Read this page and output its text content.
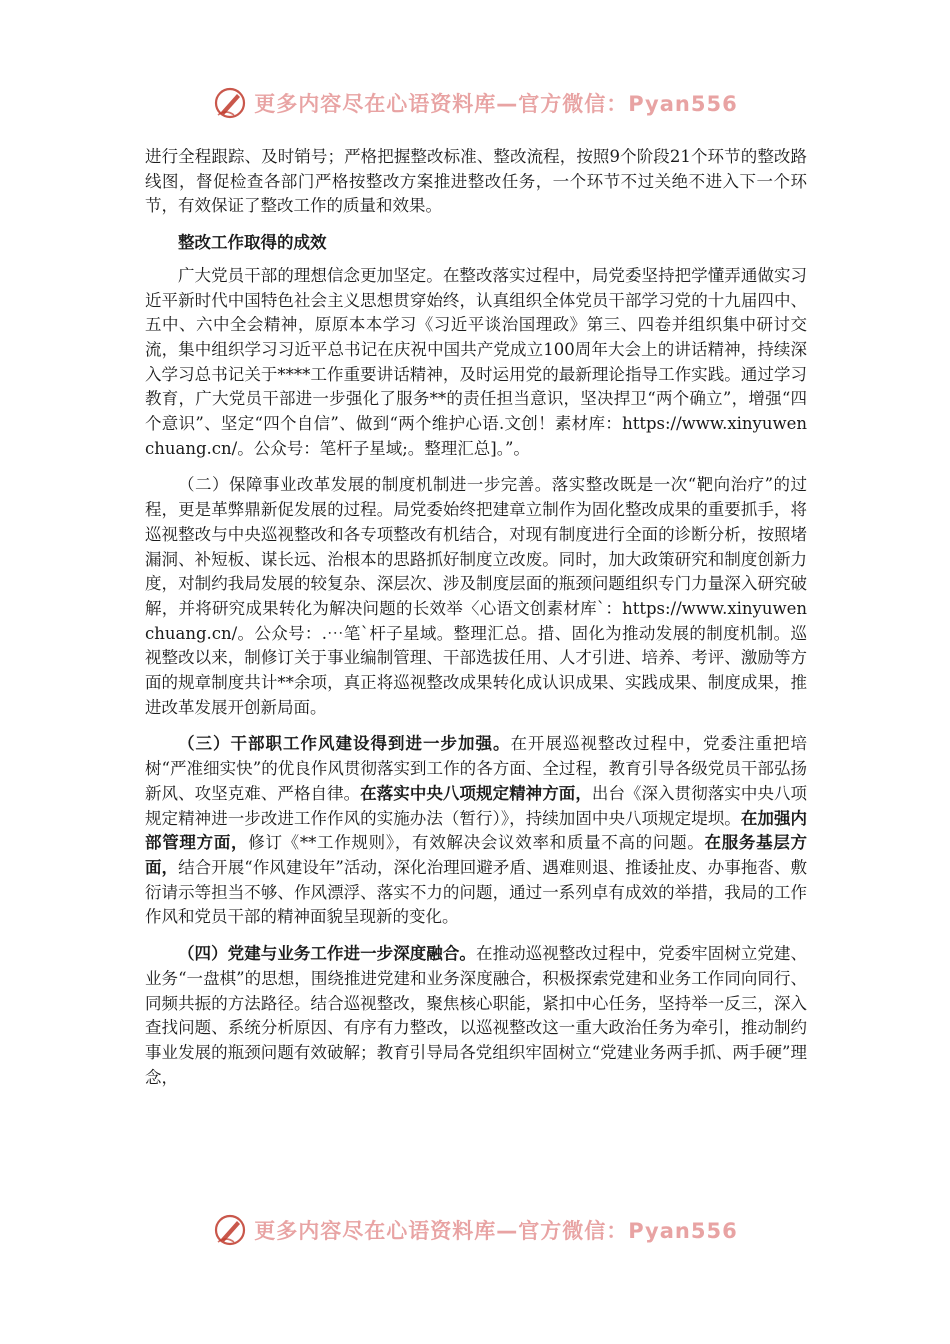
更多内容尽在心语资料库—官方微信：Pyan556

进行全程跟踪、及时销号；严格把握整改标准、整改流程，按照9个阶段21个环节的整改路线图，督促检查各部门严格按整改方案推进整改任务，一个环节不过关绝不进入下一个环节，有效保证了整改工作的质量和效果。

整改工作取得的成效

广大党员干部的理想信念更加坚定。在整改落实过程中，局党委坚持把学懂弄通做实习近平新时代中国特色社会主义思想贯穿始终，认真组织全体党员干部学习党的十九届四中、五中、六中全会精神，原原本本学习《习近平谈治国理政》第三、四卷并组织集中研讨交流，集中组织学习习近平总书记在庆祝中国共产党成立100周年大会上的讲话精神，持续深入学习总书记关于****工作重要讲话精神，及时运用党的最新理论指导工作实践。通过学习教育，广大党员干部进一步强化了服务**的责任担当意识，坚决捍卫“两个确立”，增强“四个意识”、坚定“四个自信”、做到“两个维护心语.文创！素材库：https://www.xinyuwenchuang.cn/。公众号：笔杆子星域;。整理汇总]。”。

（二）保障事业改革发展的制度机制进一步完善。落实整改既是一次“靶向治疗”的过程，更是革弊鼎新促发展的过程。局党委始终把建章立制作为固化整改成果的重要抓手，将巡视整改与中央巡视整改和各专项整改有机结合，对现有制度进行全面的诊断分析，按照堵漏洞、补短板、谋长远、治根本的思路抓好制度立改废。同时，加大政策研究和制度创新力度，对制约我局发展的较复杂、深层次、涉及制度层面的瓶颈问题组织专门力量深入研究破解，并将研究成果转化为解决问题的长效举〈心语文创素材库`：https://www.xinyuwenchuang.cn/。公众号：.⋯笔`杆子星域。整理汇总。措、固化为推动发展的制度机制。巡视整改以来，制修订关于事业编制管理、干部选拔任用、人才引进、培养、考评、激励等方面的规章制度共计**余项，真正将巡视整改成果转化成认识成果、实践成果、制度成果，推进改革发展开创新局面。

（三）干部职工作风建设得到进一步加强。在开展巡视整改过程中，党委注重把培树“严准细实快”的优良作风贯彻落实到工作的各方面、全过程，教育引导各级党员干部弘扬新风、攻坚克难、严格自律。在落实中央八项规定精神方面，出台《深入贯彻落实中央八项规定精神进一步改进工作作风的实施办法（暂行）》，持续加固中央八项规定堤坝。在加强内部管理方面，修订《**工作规则》，有效解决会议效率和质量不高的问题。在服务基层方面，结合开展“作风建设年”活动，深化治理回避矛盾、遇难则退、推诿扯皮、办事拖沓、敷衍请示等担当不够、作风漂浮、落实不力的问题，通过一系列卓有成效的举措，我局的工作作风和党员干部的精神面貌呈现新的变化。

（四）党建与业务工作进一步深度融合。在推动巡视整改过程中，党委牢固树立党建、业务“一盘棋”的思想，围绕推进党建和业务深度融合，积极探索党建和业务工作同向同行、同频共振的方法路径。结合巡视整改，聚焦核心职能，紧扣中心任务，坚持举一反三，深入查找问题、系统分析原因、有序有力整改，以巡视整改这一重大政治任务为牵引，推动制约事业发展的瓶颈问题有效破解；教育引导局各党组织牢固树立“党建业务两手抓、两手硬”理念，

更多内容尽在心语资料库—官方微信：Pyan556
